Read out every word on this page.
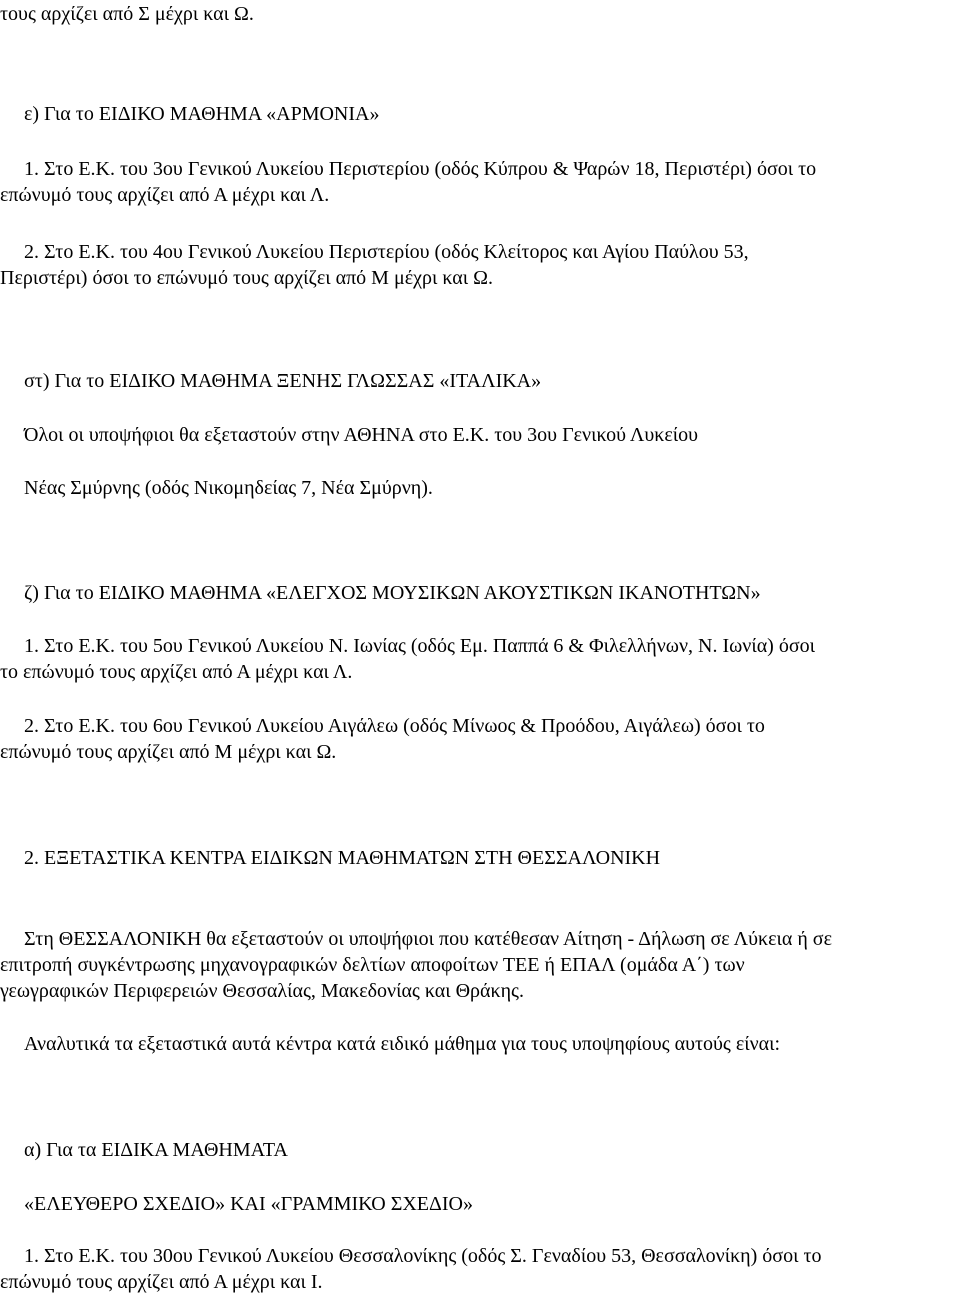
τους αρχίζει από Σ μέχρι και Ω.

ε) Για το ΕΙΔΙΚΟ ΜΑΘΗΜΑ «ΑΡΜΟΝΙΑ»

1. Στο Ε.Κ. του 3ου Γενικού Λυκείου Περιστερίου (οδός Κύπρου & Ψαρών 18, Περιστέρι) όσοι το

επώνυμό τους αρχίζει από Α μέχρι και Λ.

2. Στο Ε.Κ. του 4ου Γενικού Λυκείου Περιστερίου (οδός Κλείτορος και Αγίου Παύλου 53,

Περιστέρι) όσοι το επώνυμό τους αρχίζει από Μ μέχρι και Ω.

στ) Για το ΕΙΔΙΚΟ ΜΑΘΗΜΑ ΞΕΝΗΣ ΓΛΩΣΣΑΣ «ΙΤΑΛΙΚΑ»

Όλοι οι υποψήφιοι θα εξεταστούν στην ΑΘΗΝΑ στο Ε.Κ. του 3ου Γενικού Λυκείου

Νέας Σμύρνης (οδός Νικομηδείας 7, Νέα Σμύρνη).

ζ) Για το ΕΙΔΙΚΟ ΜΑΘΗΜΑ «ΕΛΕΓΧΟΣ ΜΟΥΣΙΚΩΝ ΑΚΟΥΣΤΙΚΩΝ ΙΚΑΝΟΤΗΤΩΝ»

1. Στο Ε.Κ. του 5ου Γενικού Λυκείου Ν. Ιωνίας (οδός Εμ. Παππά 6 & Φιλελλήνων, Ν. Ιωνία) όσοι

το επώνυμό τους αρχίζει από Α μέχρι και Λ.

2. Στο Ε.Κ. του 6ου Γενικού Λυκείου Αιγάλεω (οδός Μίνωος & Προόδου, Αιγάλεω) όσοι το

επώνυμό τους αρχίζει από Μ μέχρι και Ω.

2. ΕΞΕΤΑΣΤΙΚΑ ΚΕΝΤΡΑ ΕΙΔΙΚΩΝ ΜΑΘΗΜΑΤΩΝ ΣΤΗ ΘΕΣΣΑΛΟΝΙΚΗ

Στη ΘΕΣΣΑΛΟΝΙΚΗ θα εξεταστούν οι υποψήφιοι που κατέθεσαν Αίτηση - Δήλωση σε Λύκεια ή σε

επιτροπή συγκέντρωσης μηχανογραφικών δελτίων αποφοίτων ΤΕΕ ή ΕΠΑΛ (ομάδα Α΄) των

γεωγραφικών Περιφερειών Θεσσαλίας, Μακεδονίας και Θράκης.

Αναλυτικά τα εξεταστικά αυτά κέντρα κατά ειδικό μάθημα για τους υποψηφίους αυτούς είναι:

α) Για τα ΕΙΔΙΚΑ ΜΑΘΗΜΑΤΑ

«ΕΛΕΥΘΕΡΟ ΣΧΕΔΙΟ» ΚΑΙ «ΓΡΑΜΜΙΚΟ ΣΧΕΔΙΟ»

1. Στο Ε.Κ. του 30ου Γενικού Λυκείου Θεσσαλονίκης (οδός Σ. Γεναδίου 53, Θεσσαλονίκη) όσοι το

επώνυμό τους αρχίζει από Α μέχρι και Ι.
